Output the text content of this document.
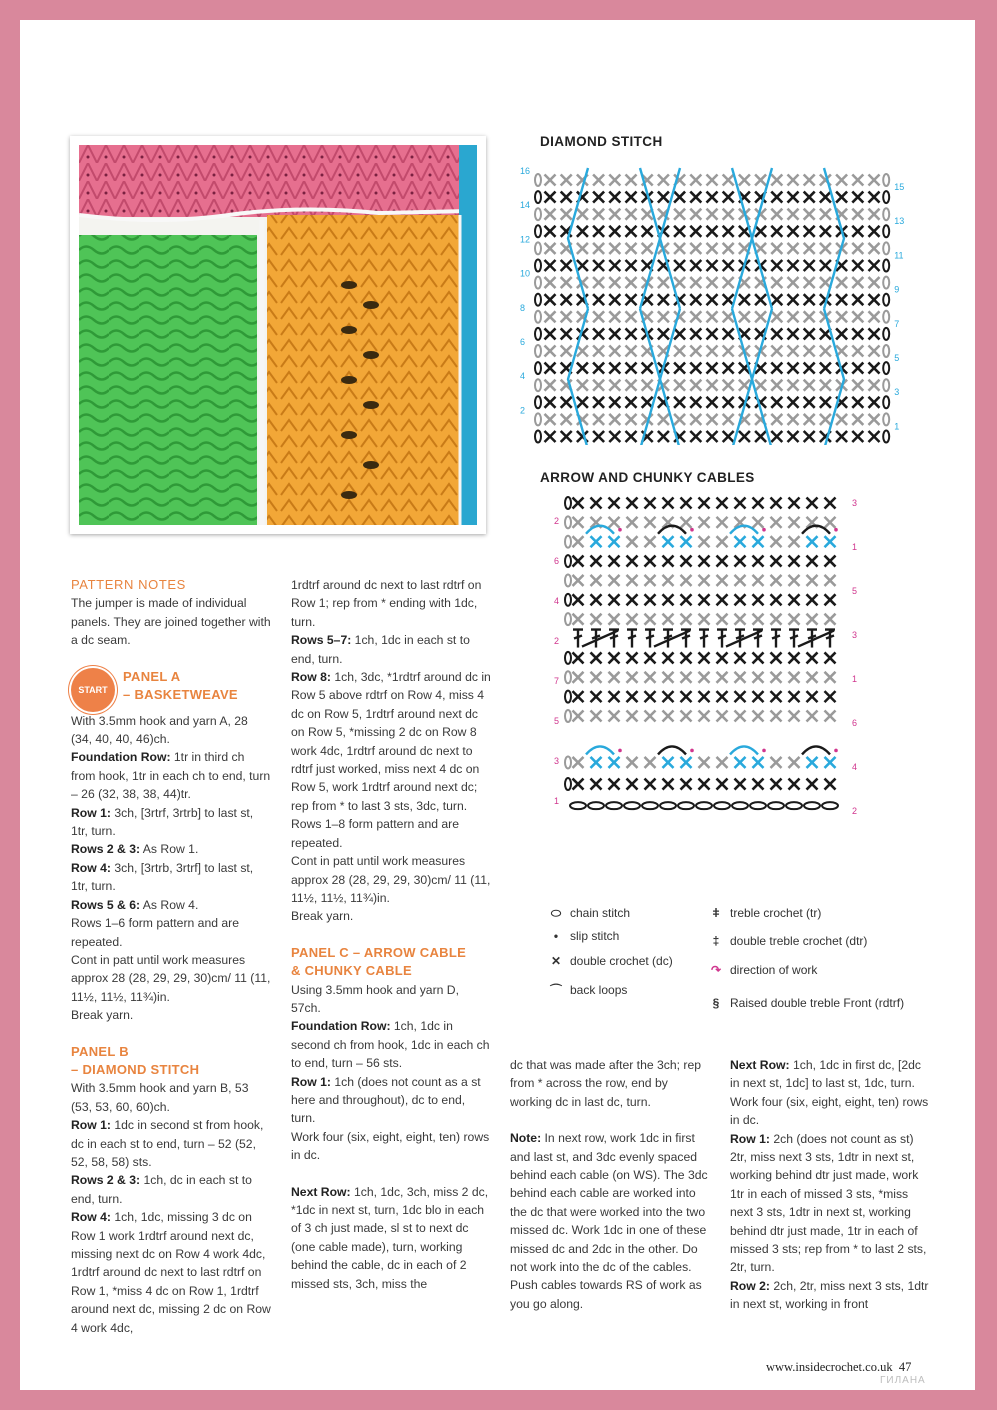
DIAMOND STITCH
16
14
12
10
8
6
4
2
15
13
11
9
7
5
3
1
ARROW AND CHUNKY CABLES
2
6
4
2
7
5
3
1
3
1
5
3
1
6
4
2
⬭ chain stitch
• slip stitch
✕ double crochet (dc)
⌒ back loops
ǂ treble crochet (tr)
‡ double treble crochet (dtr)
↷ direction of work
§ Raised double treble Front (rdtrf)

PATTERN NOTES

The jumper is made of individual panels. They are joined together with a dc seam.

START
PANEL A
– BASKETWEAVE

With 3.5mm hook and yarn A, 28 (34, 40, 40, 46)ch.

Foundation Row: 1tr in third ch from hook, 1tr in each ch to end, turn – 26 (32, 38, 38, 44)tr.

Row 1: 3ch, [3rtrf, 3rtrb] to last st, 1tr, turn.

Rows 2 & 3: As Row 1.

Row 4: 3ch, [3rtrb, 3rtrf] to last st, 1tr, turn.

Rows 5 & 6: As Row 4.

Rows 1–6 form pattern and are repeated.

Cont in patt until work measures approx 28 (28, 29, 29, 30)cm/ 11 (11, 11½, 11½, 11¾)in.

Break yarn.

PANEL B

– DIAMOND STITCH

With 3.5mm hook and yarn B, 53 (53, 53, 60, 60)ch.

Row 1: 1dc in second st from hook, dc in each st to end, turn – 52 (52, 52, 58, 58) sts.

Rows 2 & 3: 1ch, dc in each st to end, turn.

Row 4: 1ch, 1dc, missing 3 dc on Row 1 work 1rdtrf around next dc, missing next dc on Row 4 work 4dc, 1rdtrf around dc next to last rdtrf on Row 1, *miss 4 dc on Row 1, 1rdtrf around next dc, missing 2 dc on Row 4 work 4dc,

1rdtrf around dc next to last rdtrf on Row 1; rep from * ending with 1dc, turn.

Rows 5–7: 1ch, 1dc in each st to end, turn.

Row 8: 1ch, 3dc, *1rdtrf around dc in Row 5 above rdtrf on Row 4, miss 4 dc on Row 5, 1rdtrf around next dc on Row 5, *missing 2 dc on Row 8 work 4dc, 1rdtrf around dc next to rdtrf just worked, miss next 4 dc on Row 5, work 1rdtrf around next dc; rep from * to last 3 sts, 3dc, turn.

Rows 1–8 form pattern and are repeated.

Cont in patt until work measures approx 28 (28, 29, 29, 30)cm/ 11 (11, 11½, 11½, 11¾)in.

Break yarn.

PANEL C – ARROW CABLE

& CHUNKY CABLE

Using 3.5mm hook and yarn D, 57ch.

Foundation Row: 1ch, 1dc in second ch from hook, 1dc in each ch to end, turn – 56 sts.

Row 1: 1ch (does not count as a st here and throughout), dc to end, turn.

Work four (six, eight, eight, ten) rows in dc.

Next Row: 1ch, 1dc, 3ch, miss 2 dc, *1dc in next st, turn, 1dc blo in each of 3 ch just made, sl st to next dc (one cable made), turn, working behind the cable, dc in each of 2 missed sts, 3ch, miss the

dc that was made after the 3ch; rep from * across the row, end by working dc in last dc, turn.

Note: In next row, work 1dc in first and last st, and 3dc evenly spaced behind each cable (on WS). The 3dc behind each cable are worked into the dc that were worked into the two missed dc. Work 1dc in one of these missed dc and 2dc in the other. Do not work into the dc of the cables. Push cables towards RS of work as you go along.

Next Row: 1ch, 1dc in first dc, [2dc in next st, 1dc] to last st, 1dc, turn.

Work four (six, eight, eight, ten) rows in dc.

Row 1: 2ch (does not count as st) 2tr, miss next 3 sts, 1dtr in next st, working behind dtr just made, work 1tr in each of missed 3 sts, *miss next 3 sts, 1dtr in next st, working behind dtr just made, 1tr in each of missed 3 sts; rep from * to last 2 sts, 2tr, turn.

Row 2: 2ch, 2tr, miss next 3 sts, 1dtr in next st, working in front

www.insidecrochet.co.uk 47
ГИЛАНА
